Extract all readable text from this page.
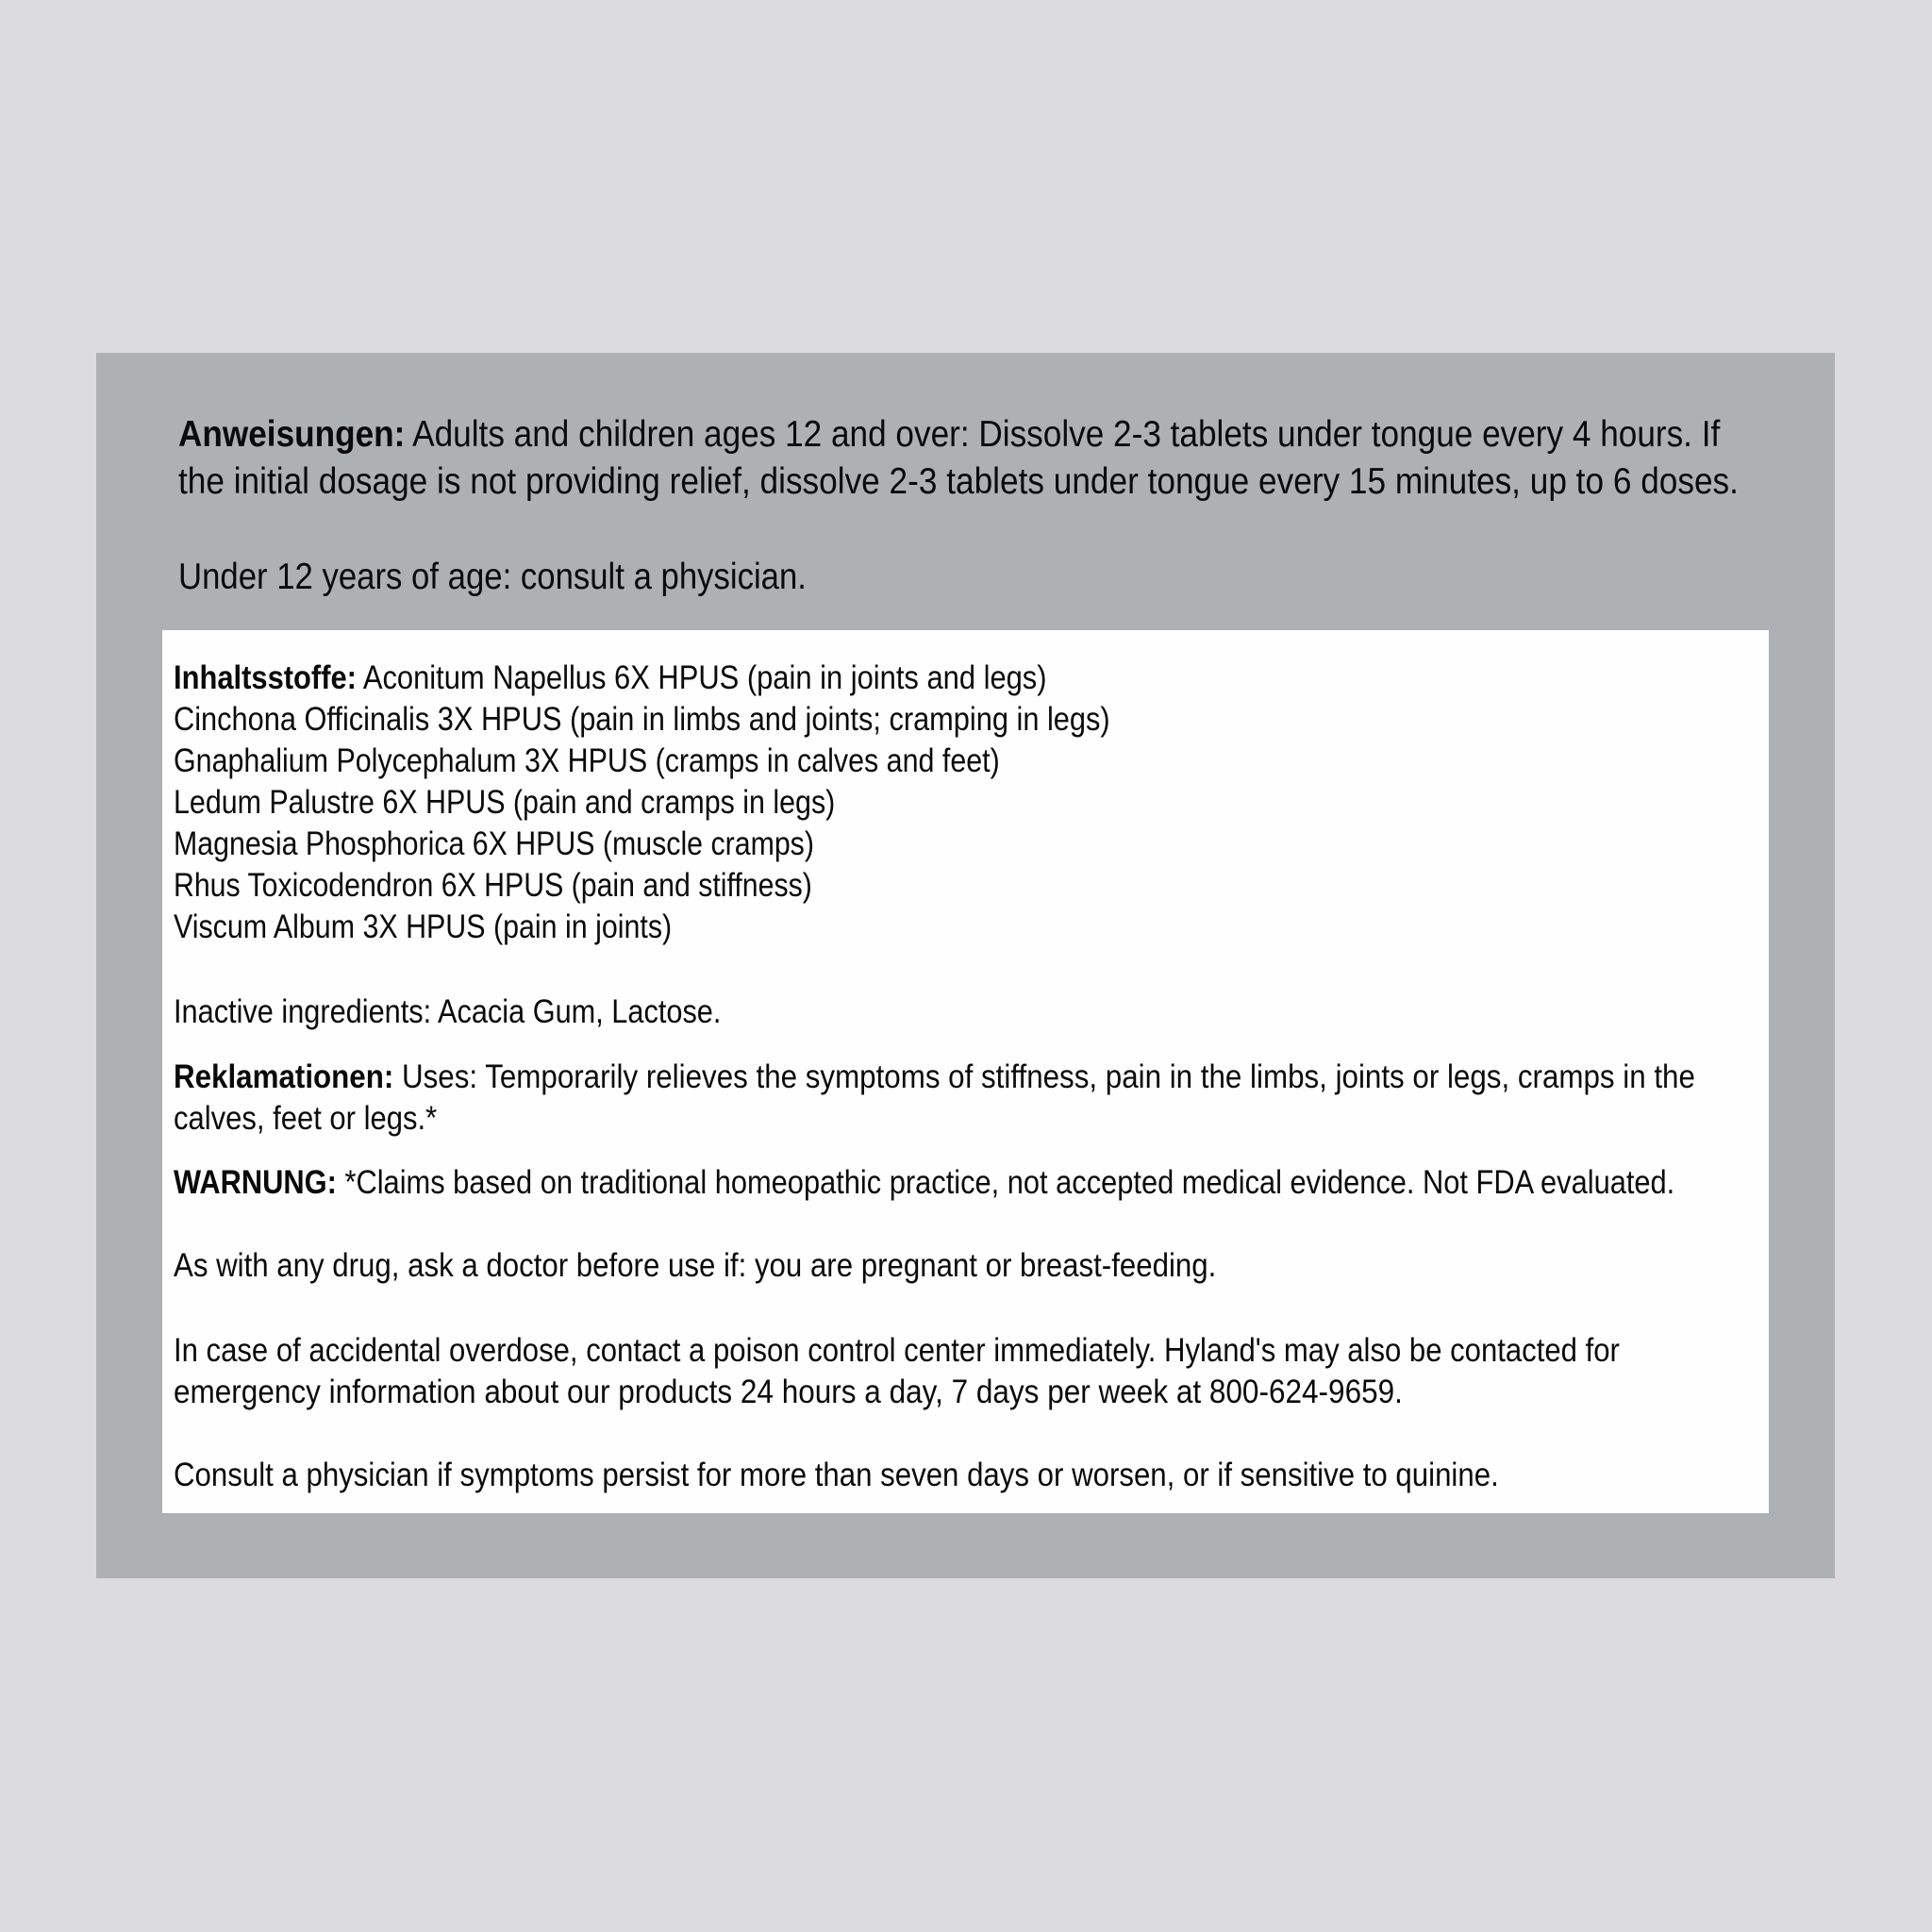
Anweisungen: Adults and children ages 12 and over: Dissolve 2-3 tablets under tongue every 4 hours. If
the initial dosage is not providing relief, dissolve 2-3 tablets under tongue every 15 minutes, up to 6 doses.
Under 12 years of age: consult a physician.
Inhaltsstoffe: Aconitum Napellus 6X HPUS (pain in joints and legs)
Cinchona Officinalis 3X HPUS (pain in limbs and joints; cramping in legs)
Gnaphalium Polycephalum 3X HPUS (cramps in calves and feet)
Ledum Palustre 6X HPUS (pain and cramps in legs)
Magnesia Phosphorica 6X HPUS (muscle cramps)
Rhus Toxicodendron 6X HPUS (pain and stiffness)
Viscum Album 3X HPUS (pain in joints)
Inactive ingredients: Acacia Gum, Lactose.
Reklamationen: Uses: Temporarily relieves the symptoms of stiffness, pain in the limbs, joints or legs, cramps in the
calves, feet or legs.*
WARNUNG: *Claims based on traditional homeopathic practice, not accepted medical evidence. Not FDA evaluated.
As with any drug, ask a doctor before use if: you are pregnant or breast-feeding.
In case of accidental overdose, contact a poison control center immediately. Hyland's may also be contacted for
emergency information about our products 24 hours a day, 7 days per week at 800-624-9659.
Consult a physician if symptoms persist for more than seven days or worsen, or if sensitive to quinine.
